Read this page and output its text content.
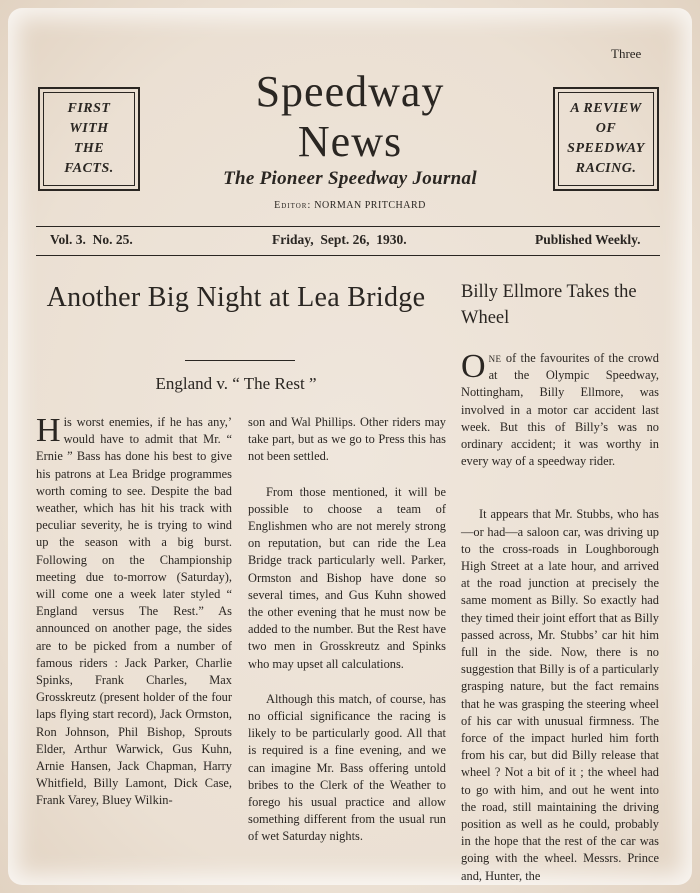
Three
FIRST
WITH
THE
FACTS.
A REVIEW
OF
SPEEDWAY
RACING.
Speedway
News
The Pioneer Speedway Journal
Editor: NORMAN PRITCHARD
Vol. 3.  No. 25.	Friday,  Sept. 26,  1930.	Published Weekly.
Another Big Night at Lea Bridge
England v. “ The Rest ”

His worst enemies, if he has any,’ would have to admit that Mr. “ Ernie ” Bass has done his best to give his patrons at Lea Bridge programmes worth coming to see. Despite the bad weather, which has hit his track with peculiar severity, he is trying to wind up the season with a big burst. Following on the Championship meeting due to-morrow (Saturday), will come one a week later styled “ England versus The Rest.” As announced on another page, the sides are to be picked from a number of famous riders : Jack Parker, Charlie Spinks, Frank Charles, Max Grosskreutz (present holder of the four laps flying start record), Jack Ormston, Ron Johnson, Phil Bishop, Sprouts Elder, Arthur Warwick, Gus Kuhn, Arnie Hansen, Jack Chapman, Harry Whitfield, Billy Lamont, Dick Case, Frank Varey, Bluey Wilkin-

son and Wal Phillips. Other riders may take part, but as we go to Press this has not been settled.

From those mentioned, it will be possible to choose a team of Englishmen who are not merely strong on reputation, but can ride the Lea Bridge track particularly well. Parker, Ormston and Bishop have done so several times, and Gus Kuhn showed the other evening that he must now be added to the number. But the Rest have two men in Grosskreutz and Spinks who may upset all calculations.

Although this match, of course, has no official significance the racing is likely to be particularly good. All that is required is a fine evening, and we can imagine Mr. Bass offering untold bribes to the Clerk of the Weather to forego his usual practice and allow something different from the usual run of wet Saturday nights.

Billy Ellmore Takes the Wheel

One of the favourites of the crowd at the Olympic Speedway, Nottingham, Billy Ellmore, was involved in a motor car accident last week. But this of Billy’s was no ordinary accident; it was worthy in every way of a speedway rider.

It appears that Mr. Stubbs, who has—or had—a saloon car, was driving up to the cross-roads in Loughborough High Street at a late hour, and arrived at the road junction at precisely the same moment as Billy. So exactly had they timed their joint effort that as Billy passed across, Mr. Stubbs’ car hit him full in the side. Now, there is no suggestion that Billy is of a particularly grasping nature, but the fact remains that he was grasping the steering wheel of his car with unusual firmness. The force of the impact hurled him forth from his car, but did Billy release that wheel ? Not a bit of it ; the wheel had to go with him, and out he went into the road, still maintaining the driving position as well as he could, probably in the hope that the rest of the car was going with the wheel. Messrs. Prince and, Hunter, the
